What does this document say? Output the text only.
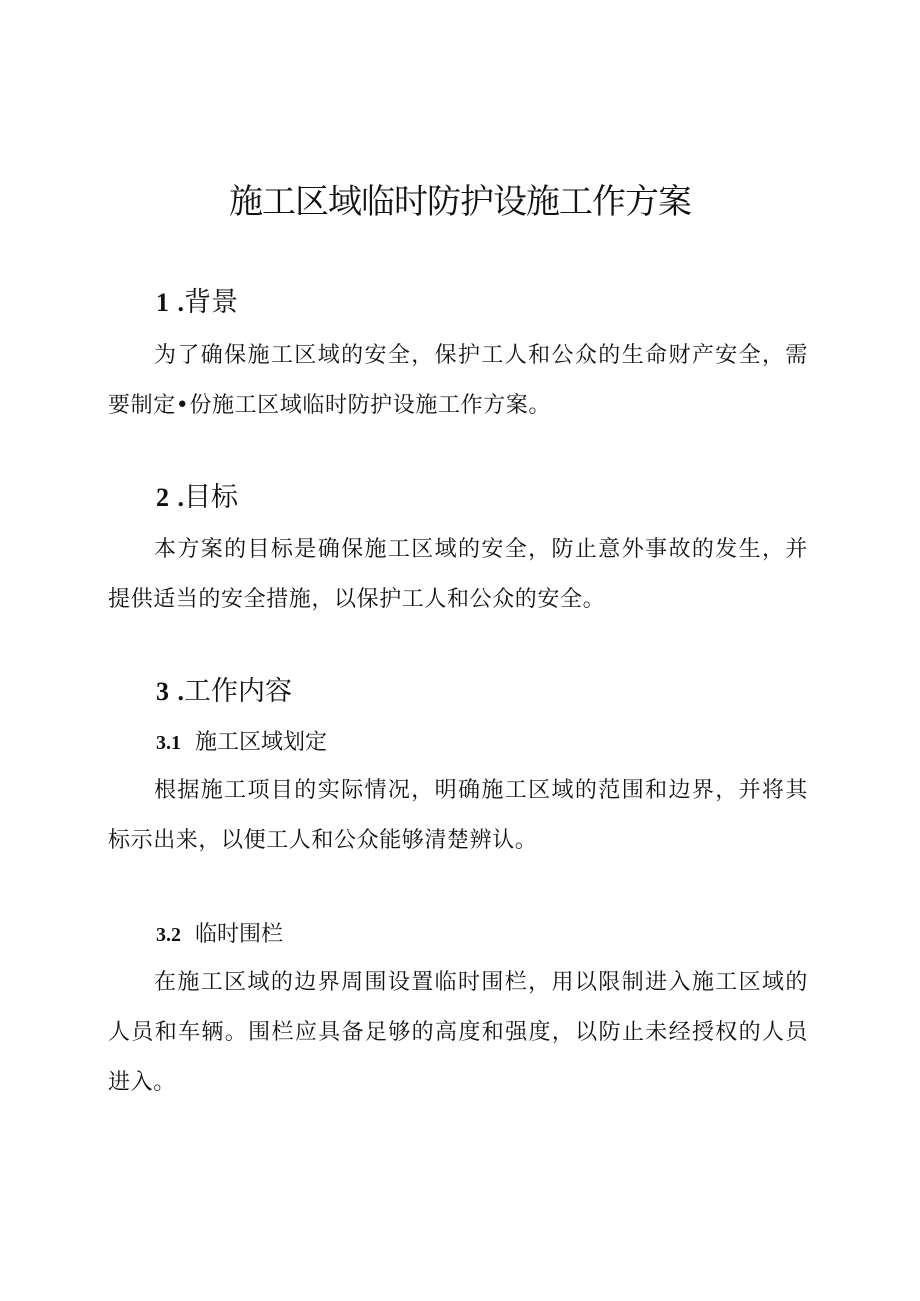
施工区域临时防护设施工作方案
1 .背景

为了确保施工区域的安全，保护工人和公众的生命财产安全，需要制定•份施工区域临时防护设施工作方案。

2 .目标

本方案的目标是确保施工区域的安全，防止意外事故的发生，并提供适当的安全措施，以保护工人和公众的安全。

3 .工作内容
3.1 施工区域划定

根据施工项目的实际情况，明确施工区域的范围和边界，并将其标示出来，以便工人和公众能够清楚辨认。

3.2 临时围栏

在施工区域的边界周围设置临时围栏，用以限制进入施工区域的人员和车辆。围栏应具备足够的高度和强度，以防止未经授权的人员进入。
